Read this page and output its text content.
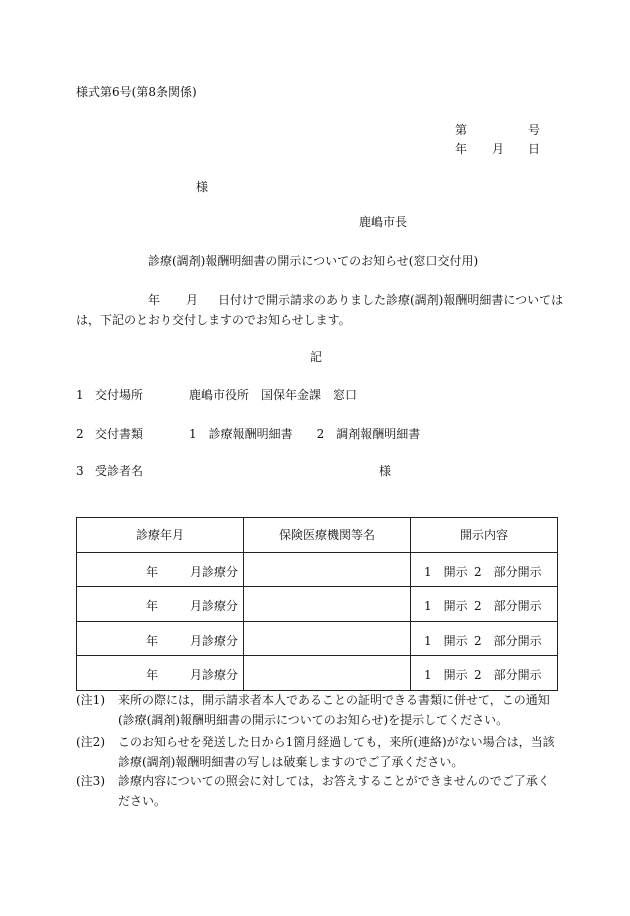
様式第6号(第8条関係)
第	号
年 月 日
様
鹿嶋市長
診療(調剤)報酬明細書の開示についてのお知らせ(窓口交付用)
年 月 日付けで開示請求のありました診療(調剤)報酬明細書については
は，下記のとおり交付しますのでお知らせします。
記
1 交付場所	鹿嶋市役所　国保年金課　窓口
2 交付書類	1　診療報酬明細書　　2　調剤報酬明細書
3 受診者名	様
診療年月	保険医療機関等名	開示内容

年 月診療分		1　開示 2　部分開示

年 月診療分		1　開示 2　部分開示

年 月診療分		1　開示 2　部分開示

年 月診療分		1　開示 2　部分開示
(注1) 来所の際には，開示請求者本人であることの証明できる書類に併せて，この通知(診療(調剤)報酬明細書の開示についてのお知らせ)を提示してください。
(注2) このお知らせを発送した日から1箇月経過しても，来所(連絡)がない場合は，当該診療(調剤)報酬明細書の写しは破棄しますのでご了承ください。
(注3) 診療内容についての照会に対しては，お答えすることができませんのでご了承ください。
